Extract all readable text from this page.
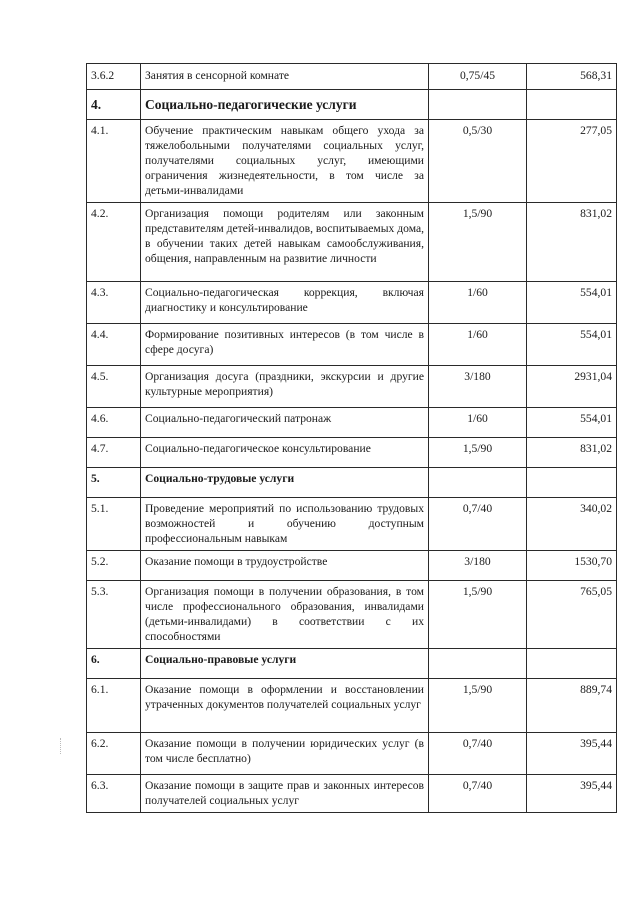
3.6.2	Занятия в сенсорной комнате	0,75/45	568,31
4.	Социально-педагогические услуги		
4.1.	Обучение практическим навыкам общего ухода за тяжелобольными получателями социальных услуг, получателями социальных услуг, имеющими ограничения жизнедеятельности, в том числе за детьми-инвалидами	0,5/30	277,05
4.2.	Организация помощи родителям или законным представителям детей-инвалидов, воспитываемых дома, в обучении таких детей навыкам самообслуживания, общения, направленным на развитие личности	1,5/90	831,02
4.3.	Социально-педагогическая коррекция, включая диагностику и консультирование	1/60	554,01
4.4.	Формирование позитивных интересов (в том числе в сфере досуга)	1/60	554,01
4.5.	Организация досуга (праздники, экскурсии и другие культурные мероприятия)	3/180	2931,04
4.6.	Социально-педагогический патронаж	1/60	554,01
4.7.	Социально-педагогическое консультирование	1,5/90	831,02
5.	Социально-трудовые услуги		
5.1.	Проведение мероприятий по использованию трудовых возможностей и обучению доступным профессиональным навыкам	0,7/40	340,02
5.2.	Оказание помощи в трудоустройстве	3/180	1530,70
5.3.	Организация помощи в получении образования, в том числе профессионального образования, инвалидами (детьми-инвалидами) в соответствии с их способностями	1,5/90	765,05
6.	Социально-правовые услуги		
6.1.	Оказание помощи в оформлении и восстановлении утраченных документов получателей социальных услуг	1,5/90	889,74
6.2.	Оказание помощи в получении юридических услуг (в том числе бесплатно)	0,7/40	395,44
6.3.	Оказание помощи в защите прав и законных интересов получателей социальных услуг	0,7/40	395,44
